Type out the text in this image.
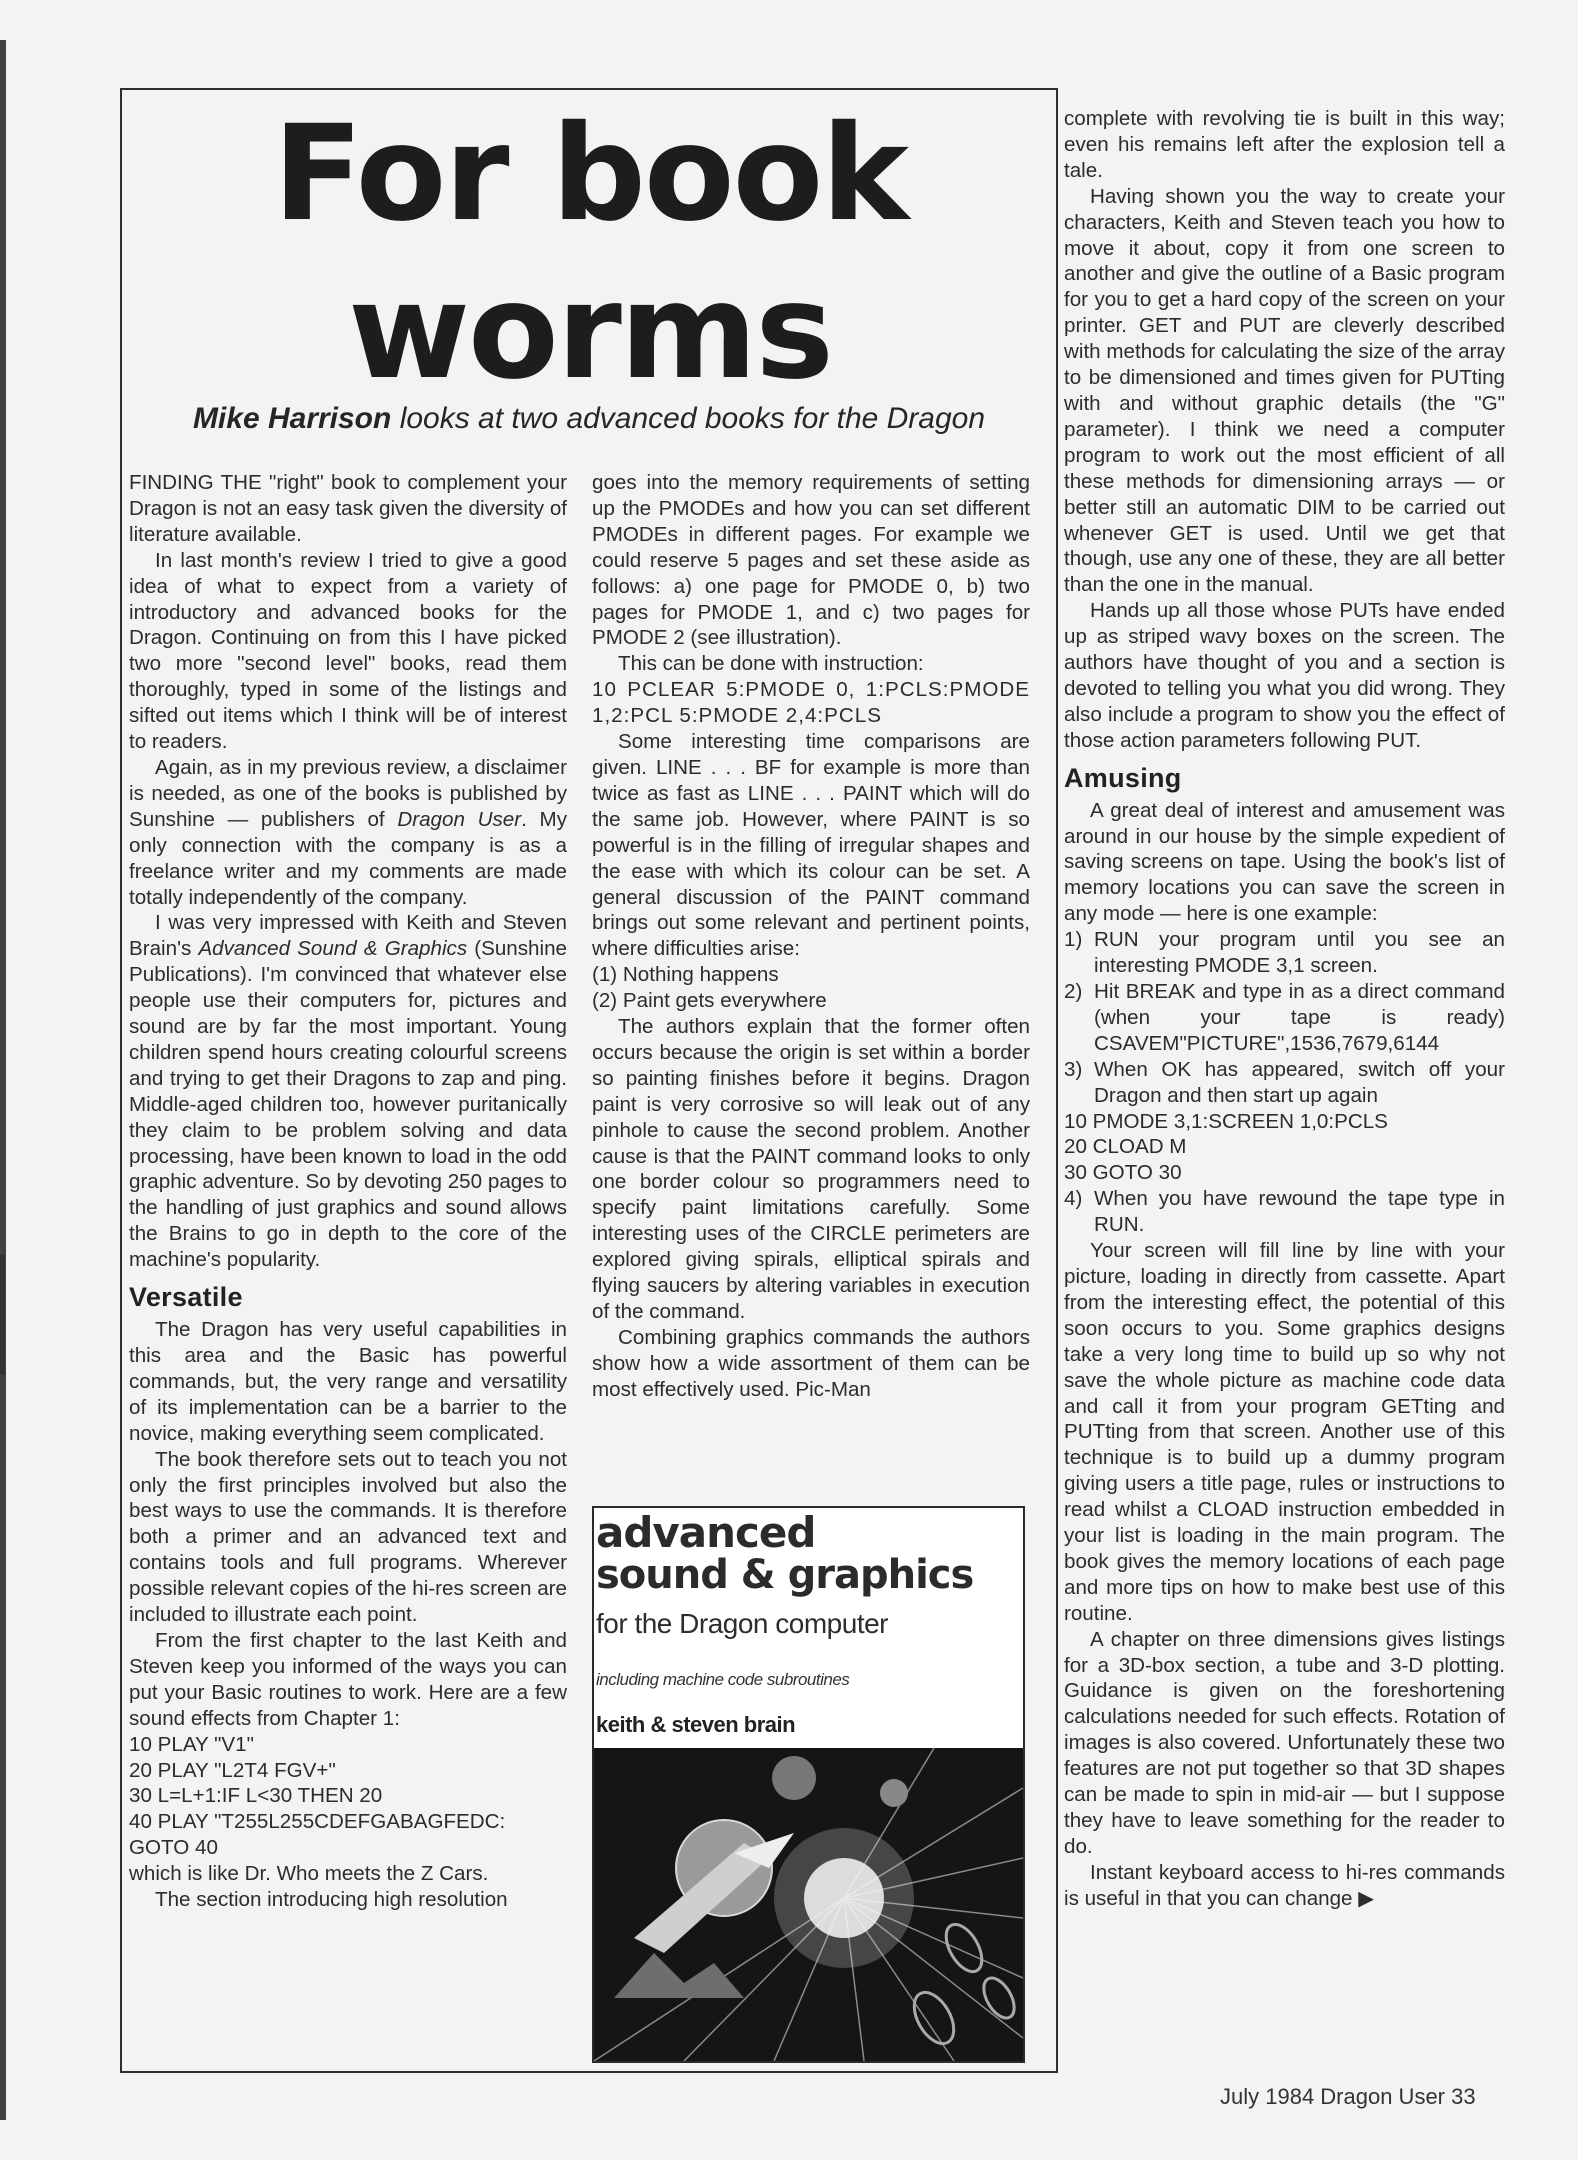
For book worms
Mike Harrison looks at two advanced books for the Dragon

FINDING THE "right" book to complement your Dragon is not an easy task given the diversity of literature available.

In last month's review I tried to give a good idea of what to expect from a variety of introductory and advanced books for the Dragon. Continuing on from this I have picked two more "second level" books, read them thoroughly, typed in some of the listings and sifted out items which I think will be of interest to readers.

Again, as in my previous review, a disclaimer is needed, as one of the books is published by Sunshine — publishers of Dragon User. My only connection with the company is as a freelance writer and my comments are made totally independently of the company.

I was very impressed with Keith and Steven Brain's Advanced Sound & Graphics (Sunshine Publications). I'm convinced that whatever else people use their computers for, pictures and sound are by far the most important. Young children spend hours creating colourful screens and trying to get their Dragons to zap and ping. Middle-aged children too, however puritanically they claim to be problem solving and data processing, have been known to load in the odd graphic adventure. So by devoting 250 pages to the handling of just graphics and sound allows the Brains to go in depth to the core of the machine's popularity.

Versatile

The Dragon has very useful capabilities in this area and the Basic has powerful commands, but, the very range and versatility of its implementation can be a barrier to the novice, making everything seem complicated.

The book therefore sets out to teach you not only the first principles involved but also the best ways to use the commands. It is therefore both a primer and an advanced text and contains tools and full programs. Wherever possible relevant copies of the hi-res screen are included to illustrate each point.

From the first chapter to the last Keith and Steven keep you informed of the ways you can put your Basic routines to work. Here are a few sound effects from Chapter 1:

10 PLAY "V1"
20 PLAY "L2T4 FGV+"
30 L=L+1:IF L<30 THEN 20
40 PLAY "T255L255CDEFGABAGFEDC: GOTO 40

which is like Dr. Who meets the Z Cars.

The section introducing high resolution

goes into the memory requirements of setting up the PMODEs and how you can set different PMODEs in different pages. For example we could reserve 5 pages and set these aside as follows: a) one page for PMODE 0, b) two pages for PMODE 1, and c) two pages for PMODE 2 (see illustration).

This can be done with instruction:

10 PCLEAR 5:PMODE 0, 1:PCLS:PMODE 1,2:PCL 5:PMODE 2,4:PCLS

Some interesting time comparisons are given. LINE . . . BF for example is more than twice as fast as LINE . . . PAINT which will do the same job. However, where PAINT is so powerful is in the filling of irregular shapes and the ease with which its colour can be set. A general discussion of the PAINT command brings out some relevant and pertinent points, where difficulties arise:

(1) Nothing happens
(2) Paint gets everywhere

The authors explain that the former often occurs because the origin is set within a border so painting finishes before it begins. Dragon paint is very corrosive so will leak out of any pinhole to cause the second problem. Another cause is that the PAINT command looks to only one border colour so programmers need to specify paint limitations carefully. Some interesting uses of the CIRCLE perimeters are explored giving spirals, elliptical spirals and flying saucers by altering variables in execution of the command.

Combining graphics commands the authors show how a wide assortment of them can be most effectively used. Pic-Man

advanced
sound & graphics
for the Dragon computer
including machine code subroutines
keith & steven brain

complete with revolving tie is built in this way; even his remains left after the explosion tell a tale.

Having shown you the way to create your characters, Keith and Steven teach you how to move it about, copy it from one screen to another and give the outline of a Basic program for you to get a hard copy of the screen on your printer. GET and PUT are cleverly described with methods for calculating the size of the array to be dimensioned and times given for PUTting with and without graphic details (the "G" parameter). I think we need a computer program to work out the most efficient of all these methods for dimensioning arrays — or better still an automatic DIM to be carried out whenever GET is used. Until we get that though, use any one of these, they are all better than the one in the manual.

Hands up all those whose PUTs have ended up as striped wavy boxes on the screen. The authors have thought of you and a section is devoted to telling you what you did wrong. They also include a program to show you the effect of those action parameters following PUT.

Amusing

A great deal of interest and amusement was around in our house by the simple expedient of saving screens on tape. Using the book's list of memory locations you can save the screen in any mode — here is one example:

1) RUN your program until you see an interesting PMODE 3,1 screen.
2) Hit BREAK and type in as a direct command (when your tape is ready) CSAVEM"PICTURE",1536,7679,6144
3) When OK has appeared, switch off your Dragon and then start up again
10 PMODE 3,1:SCREEN 1,0:PCLS
20 CLOAD M
30 GOTO 30
4) When you have rewound the tape type in RUN.

Your screen will fill line by line with your picture, loading in directly from cassette. Apart from the interesting effect, the potential of this soon occurs to you. Some graphics designs take a very long time to build up so why not save the whole picture as machine code data and call it from your program GETting and PUTting from that screen. Another use of this technique is to build up a dummy program giving users a title page, rules or instructions to read whilst a CLOAD instruction embedded in your list is loading in the main program. The book gives the memory locations of each page and more tips on how to make best use of this routine.

A chapter on three dimensions gives listings for a 3D-box section, a tube and 3-D plotting. Guidance is given on the foreshortening calculations needed for such effects. Rotation of images is also covered. Unfortunately these two features are not put together so that 3D shapes can be made to spin in mid-air — but I suppose they have to leave something for the reader to do.

Instant keyboard access to hi-res commands is useful in that you can change ▶

July 1984 Dragon User 33
